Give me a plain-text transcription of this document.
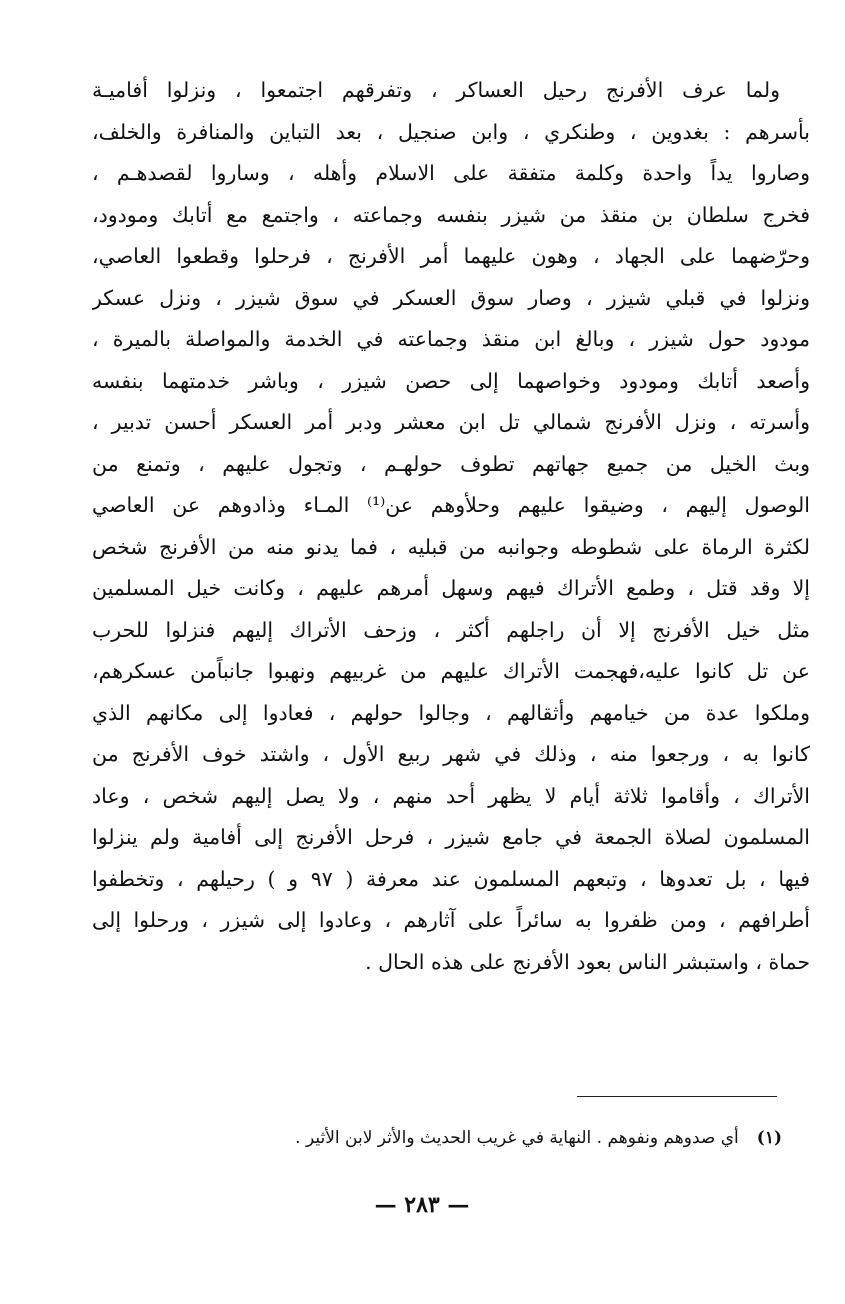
ولما عرف الأفرنج رحيل العساكر ، وتفرقهم اجتمعوا ، ونزلوا أفاميـة
بأسرهم : بغدوين ، وطنكري ، وابن صنجيل ، بعد التباين والمنافرة والخلف،
وصاروا يداً واحدة وكلمة متفقة على الاسلام وأهله ، وساروا لقصدهـم ،
فخرج سلطان بن منقذ من شيزر بنفسه وجماعته ، واجتمع مع أتابك ومودود،
وحرّضهما على الجهاد ، وهون عليهما أمر الأفرنج ، فرحلوا وقطعوا العاصي،
ونزلوا في قبلي شيزر ، وصار سوق العسكر في سوق شيزر ، ونزل عسكر
مودود حول شيزر ، وبالغ ابن منقذ وجماعته في الخدمة والمواصلة بالميرة ،
وأصعد أتابك ومودود وخواصهما إلى حصن شيزر ، وباشر خدمتهما بنفسه
وأسرته ، ونزل الأفرنج شمالي تل ابن معشر ودبر أمر العسكر أحسن تدبير ،
وبث الخيل من جميع جهاتهم تطوف حولهـم ، وتجول عليهم ، وتمنع من
الوصول إليهم ، وضيقوا عليهم وحلأوهم عن⁽¹⁾ المـاء وذادوهم عن العاصي
لكثرة الرماة على شطوطه وجوانبه من قبليه ، فما يدنو منه من الأفرنج شخص
إلا وقد قتل ، وطمع الأتراك فيهم وسهل أمرهم عليهم ، وكانت خيل المسلمين
مثل خيل الأفرنج إلا أن راجلهم أكثر ، وزحف الأتراك إليهم فنزلوا للحرب
عن تل كانوا عليه،فهجمت الأتراك عليهم من غربيهم ونهبوا جانباًمن عسكرهم،
وملكوا عدة من خيامهم وأثقالهم ، وجالوا حولهم ، فعادوا إلى مكانهم الذي
كانوا به ، ورجعوا منه ، وذلك في شهر ربيع الأول ، واشتد خوف الأفرنج من
الأتراك ، وأقاموا ثلاثة أيام لا يظهر أحد منهم ، ولا يصل إليهم شخص ، وعاد
المسلمون لصلاة الجمعة في جامع شيزر ، فرحل الأفرنج إلى أفامية ولم ينزلوا
فيها ، بل تعدوها ، وتبعهم المسلمون عند معرفة ( ٩٧ و ) رحيلهم ، وتخطفوا
أطرافهم ، ومن ظفروا به سائراً على آثارهم ، وعادوا إلى شيزر ، ورحلوا إلى
حماة ، واستبشر الناس بعود الأفرنج على هذه الحال .
(١)أي صدوهم ونفوهم . النهاية في غريب الحديث والأثر لابن الأثير .
— ٢٨٣ —
